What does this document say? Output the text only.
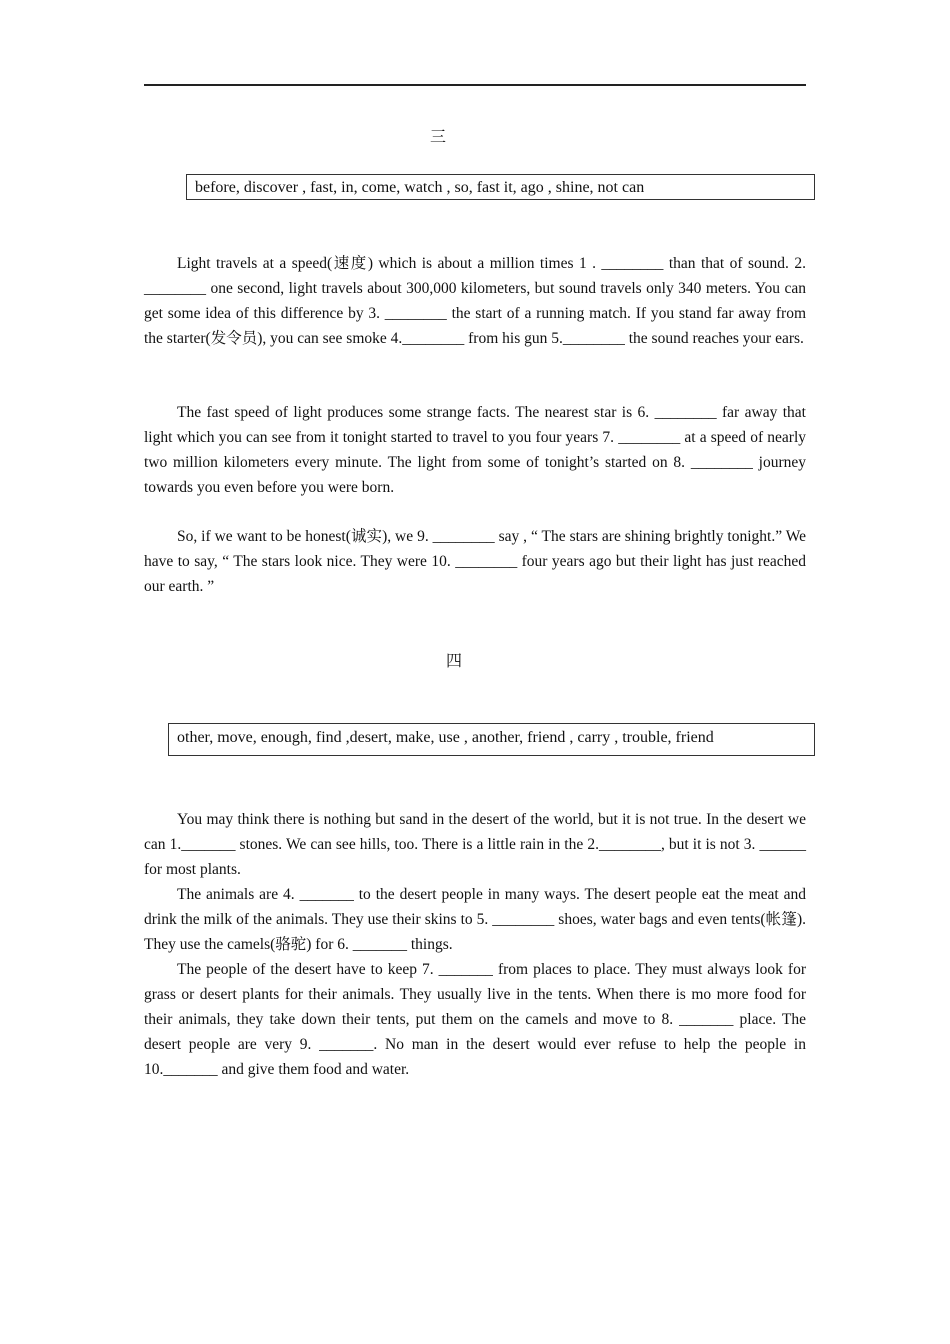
三
before, discover , fast, in, come, watch , so, fast it, ago , shine, not can

Light travels at a speed(速度) which is about a million times 1 . ________ than that of sound. 2. ________ one second, light travels about 300,000 kilometers, but sound travels only 340 meters. You can get some idea of this difference by 3. ________ the start of a running match. If you stand far away from the starter(发令员), you can see smoke 4.________ from his gun 5.________ the sound reaches your ears.

The fast speed of light produces some strange facts. The nearest star is 6. ________ far away that light which you can see from it tonight started to travel to you four years 7. ________ at a speed of nearly two million kilometers every minute. The light from some of tonight’s started on 8. ________ journey towards you even before you were born.

So, if we want to be honest(诚实), we 9. ________ say , “ The stars are shining brightly tonight.” We have to say, “ The stars look nice. They were 10. ________ four years ago but their light has just reached our earth. ”

四
other, move, enough, find ,desert, make, use , another, friend , carry , trouble, friend

You may think there is nothing but sand in the desert of the world, but it is not true. In the desert we can 1._______ stones. We can see hills, too. There is a little rain in the 2.________, but it is not 3. ______ for most plants.

The animals are 4. _______ to the desert people in many ways. The desert people eat the meat and drink the milk of the animals. They use their skins to 5. ________ shoes, water bags and even tents(帐篷). They use the camels(骆驼) for 6. _______ things.

The people of the desert have to keep 7. _______ from places to place. They must always look for grass or desert plants for their animals. They usually live in the tents. When there is mo more food for their animals, they take down their tents, put them on the camels and move to 8. _______ place. The desert people are very 9. _______. No man in the desert would ever refuse to help the people in 10._______ and give them food and water.
